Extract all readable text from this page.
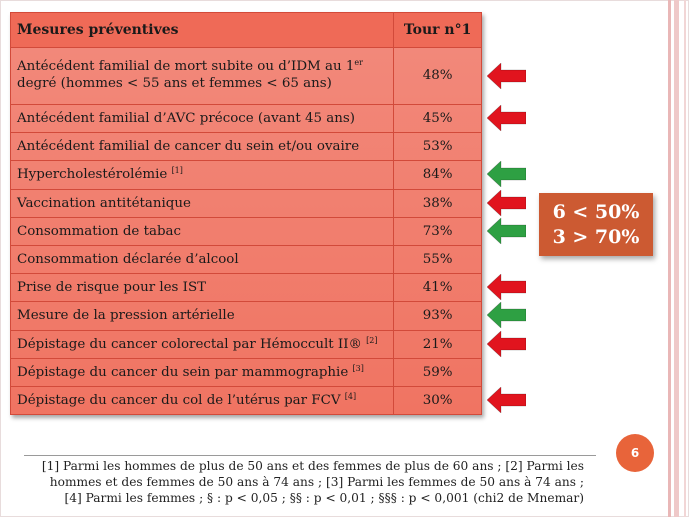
Mesures préventives	Tour n°1
Antécédent familial de mort subite ou d’IDM au 1er
degré (hommes < 55 ans et femmes < 65 ans)	48%
Antécédent familial d’AVC précoce (avant 45 ans)	45%
Antécédent familial de cancer du sein et/ou ovaire	53%
Hypercholestérolémie [1]	84%
Vaccination antitétanique	38%
Consommation de tabac	73%
Consommation déclarée d’alcool	55%
Prise de risque pour les IST	41%
Mesure de la pression artérielle	93%
Dépistage du cancer colorectal par Hémoccult II® [2]	21%
Dépistage du cancer du sein par mammographie [3]	59%
Dépistage du cancer du col de l’utérus par FCV [4]	30%
6 < 50%
3 > 70%
6
[1] Parmi les hommes de plus de 50 ans et des femmes de plus de 60 ans ; [2] Parmi les
hommes et des femmes de 50 ans à 74 ans ; [3] Parmi les femmes de 50 ans à 74 ans ;
[4] Parmi les femmes ; § : p < 0,05 ; §§ : p < 0,01 ; §§§ : p < 0,001 (chi2 de Mnemar)
